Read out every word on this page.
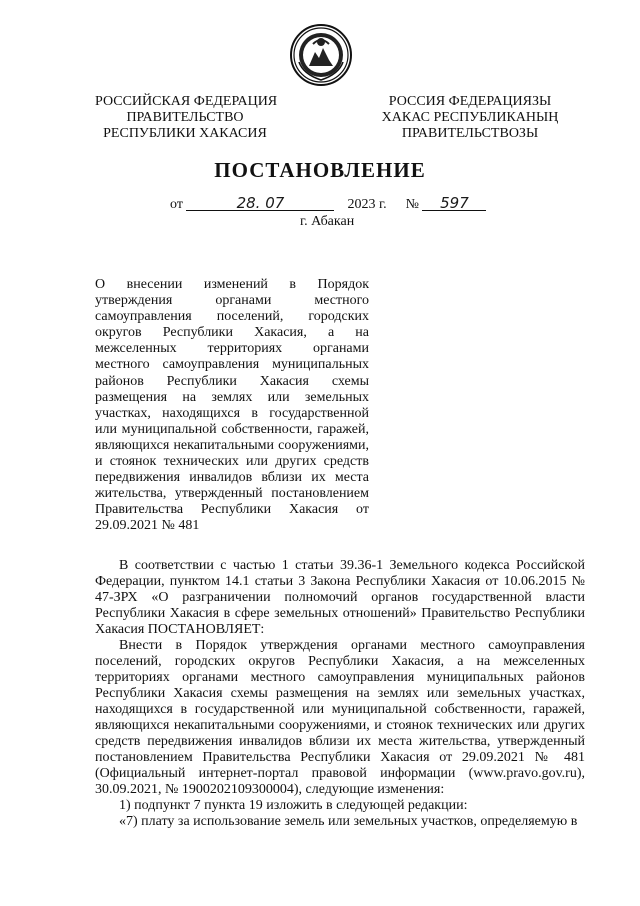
РОССИЙСКАЯ ФЕДЕРАЦИЯ
ПРАВИТЕЛЬСТВО
РЕСПУБЛИКИ ХАКАСИЯ
РОССИЯ ФЕДЕРАЦИЯЗЫ
ХАКАС РЕСПУБЛИКАНЫҢ
ПРАВИТЕЛЬСТВОЗЫ
ПОСТАНОВЛЕНИЕ
от	28. 07	2023 г. № 597
г. Абакан
О внесении изменений в Порядок утверждения органами местного самоуправления поселений, городских округов Республики Хакасия, а на межселенных территориях органами местного самоуправления муниципальных районов Республики Хакасия схемы размещения на землях или земельных участках, находящихся в государственной или муниципальной собственности, гаражей, являющихся некапитальными сооружениями, и стоянок технических или других средств передвижения инвалидов вблизи их места жительства, утвержденный постановлением Правительства Республики Хакасия от 29.09.2021 № 481

В соответствии с частью 1 статьи 39.36-1 Земельного кодекса Российской Федерации, пунктом 14.1 статьи 3 Закона Республики Хакасия от 10.06.2015 № 47-ЗРХ «О разграничении полномочий органов государственной власти Республики Хакасия в сфере земельных отношений» Правительство Республики Хакасия ПОСТАНОВЛЯЕТ:

Внести в Порядок утверждения органами местного самоуправления поселений, городских округов Республики Хакасия, а на межселенных территориях органами местного самоуправления муниципальных районов Республики Хакасия схемы размещения на землях или земельных участках, находящихся в государственной или муниципальной собственности, гаражей, являющихся некапитальными сооружениями, и стоянок технических или других средств передвижения инвалидов вблизи их места жительства, утвержденный постановлением Правительства Республики Хакасия от 29.09.2021 № 481 (Официальный интернет-портал правовой информации (www.pravo.gov.ru), 30.09.2021, № 1900202109300004), следующие изменения:

1) подпункт 7 пункта 19 изложить в следующей редакции:

«7) плату за использование земель или земельных участков, определяемую в
